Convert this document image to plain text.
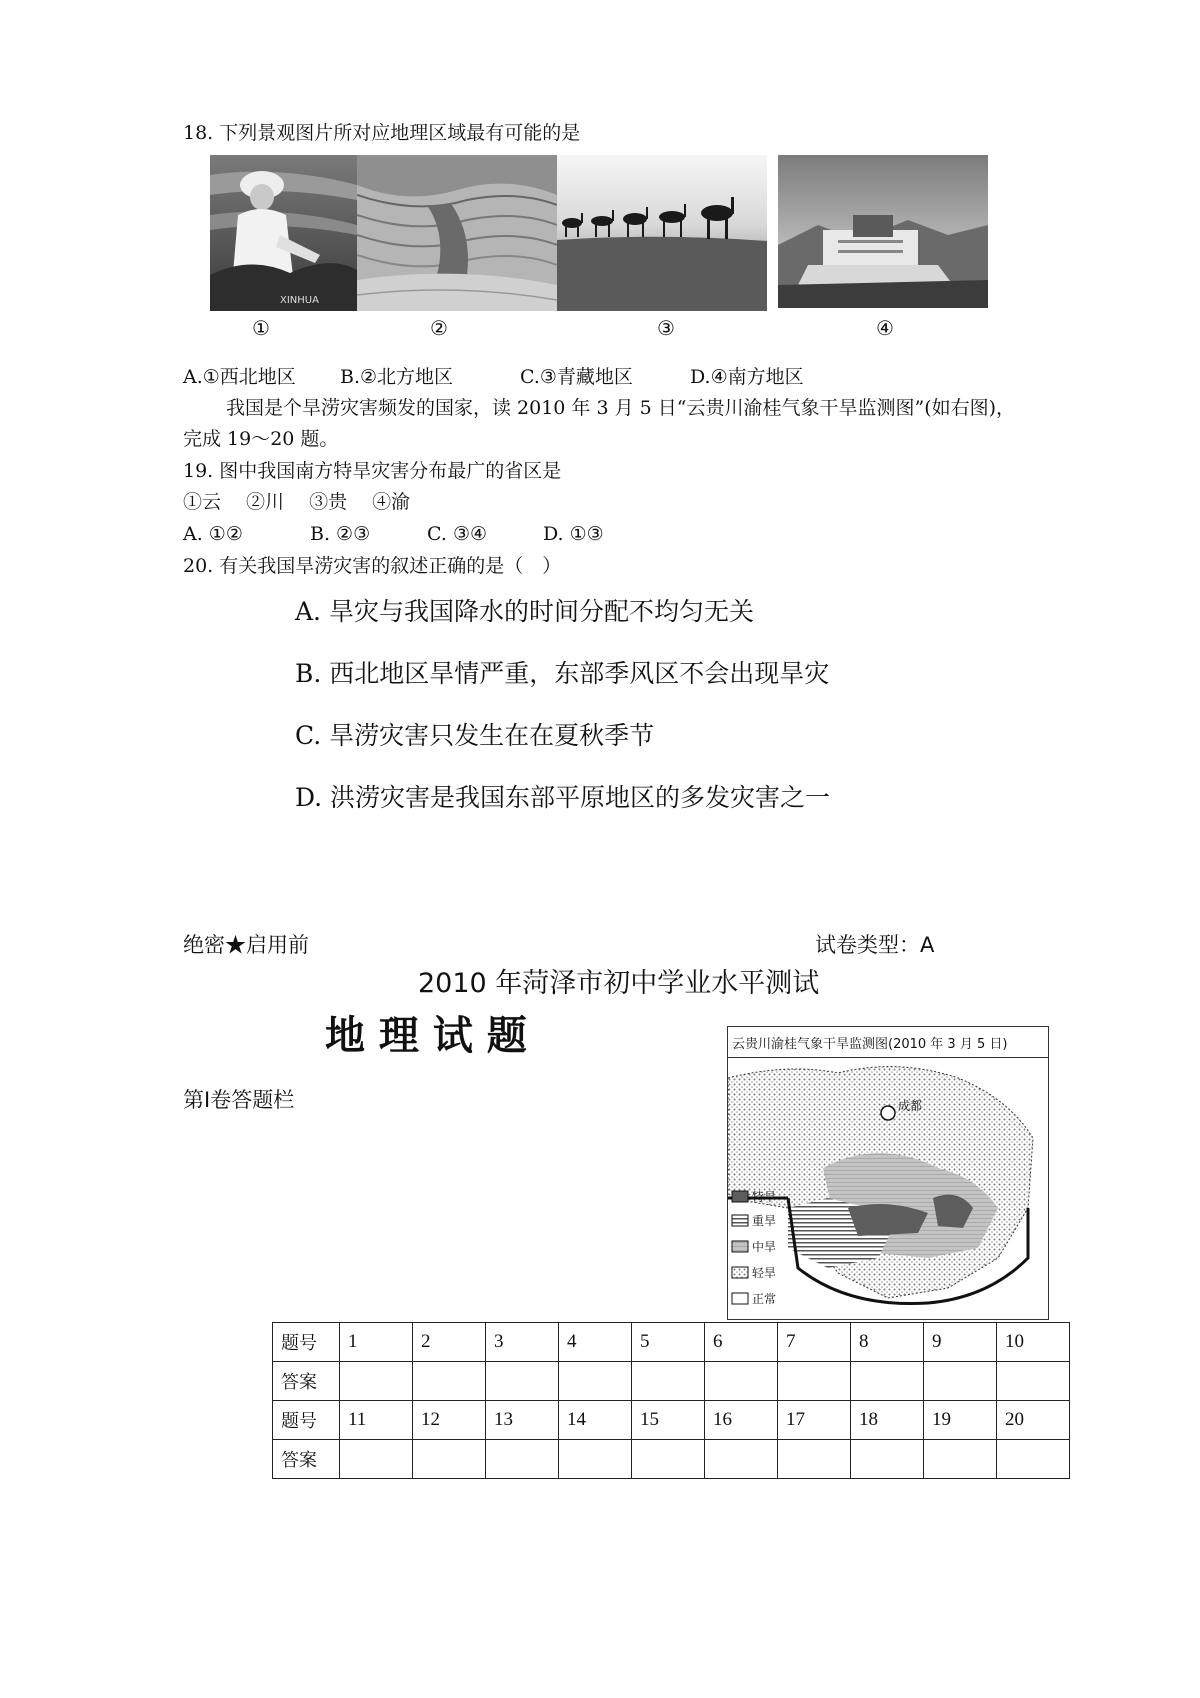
18. 下列景观图片所对应地理区域最有可能的是
XINHUA
①	②	③	④
A.①西北地区 B.②北方地区	C.③青藏地区	D.④南方地区
我国是个旱涝灾害频发的国家，读 2010 年 3 月 5 日“云贵川渝桂气象干旱监测图”(如右图)，
完成 19～20 题。
19. 图中我国南方特旱灾害分布最广的省区是
①云　 ②川　 ③贵　 ④渝
A. ①②	B. ②③	C. ③④	D. ①③
20. 有关我国旱涝灾害的叙述正确的是（　）
A. 旱灾与我国降水的时间分配不均匀无关
B. 西北地区旱情严重，东部季风区不会出现旱灾
C. 旱涝灾害只发生在在夏秋季节
D. 洪涝灾害是我国东部平原地区的多发灾害之一
绝密★启用前	试卷类型：A
2010 年菏泽市初中学业水平测试
地 理 试 题
第Ⅰ卷答题栏
云贵川渝桂气象干旱监测图(2010 年 3 月 5 日)
成都
特旱
重旱
中旱
轻旱
正常
题号	1	2	3	4	5	6	7	8	9	10
答案										
题号	11	12	13	14	15	16	17	18	19	20
答案										
